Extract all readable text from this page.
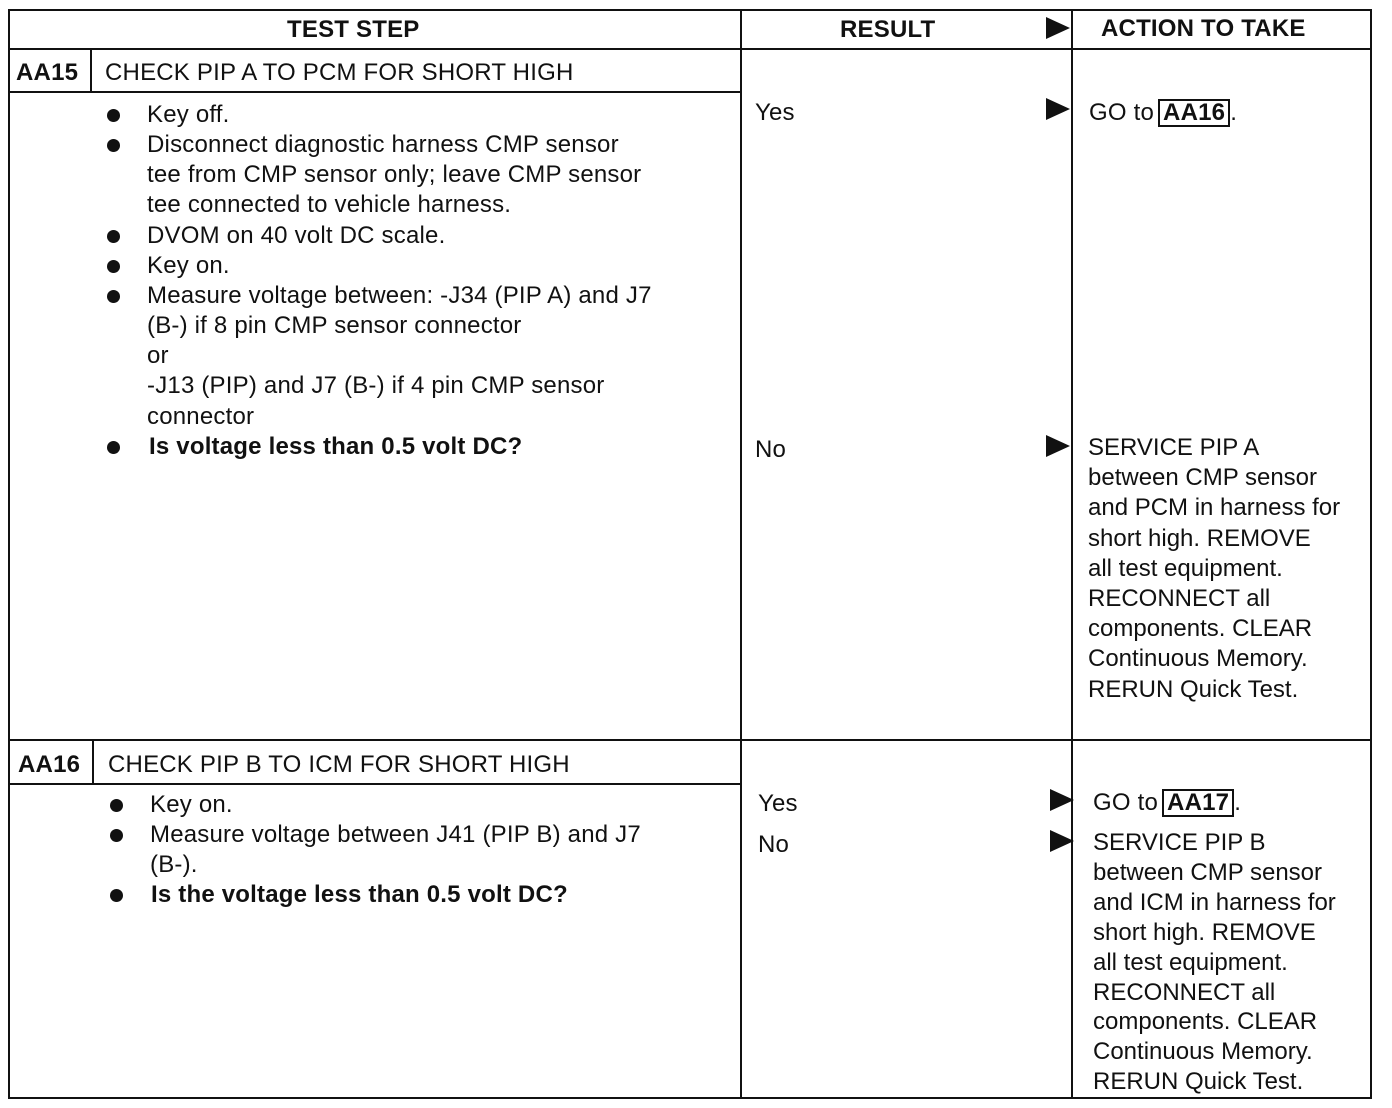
TEST STEP	RESULT	ACTION TO TAKE
AA15 CHECK PIP A TO PCM FOR SHORT HIGH
Key off.
Disconnect diagnostic harness CMP sensor
tee from CMP sensor only; leave CMP sensor
tee connected to vehicle harness.
DVOM on 40 volt DC scale.
Key on.
Measure voltage between: -J34 (PIP A) and J7
(B-) if 8 pin CMP sensor connector
or
-J13 (PIP) and J7 (B-) if 4 pin CMP sensor
connector
Is voltage less than 0.5 volt DC?
Yes	GO to AA16 .
No	SERVICE PIP A
between CMP sensor
and PCM in harness for
short high. REMOVE
all test equipment.
RECONNECT all
components. CLEAR
Continuous Memory.
RERUN Quick Test.
AA16 CHECK PIP B TO ICM FOR SHORT HIGH
Key on.
Measure voltage between J41 (PIP B) and J7
(B-).
Is the voltage less than 0.5 volt DC?
Yes	GO to AA17 .
No	SERVICE PIP B
between CMP sensor
and ICM in harness for
short high. REMOVE
all test equipment.
RECONNECT all
components. CLEAR
Continuous Memory.
RERUN Quick Test.
